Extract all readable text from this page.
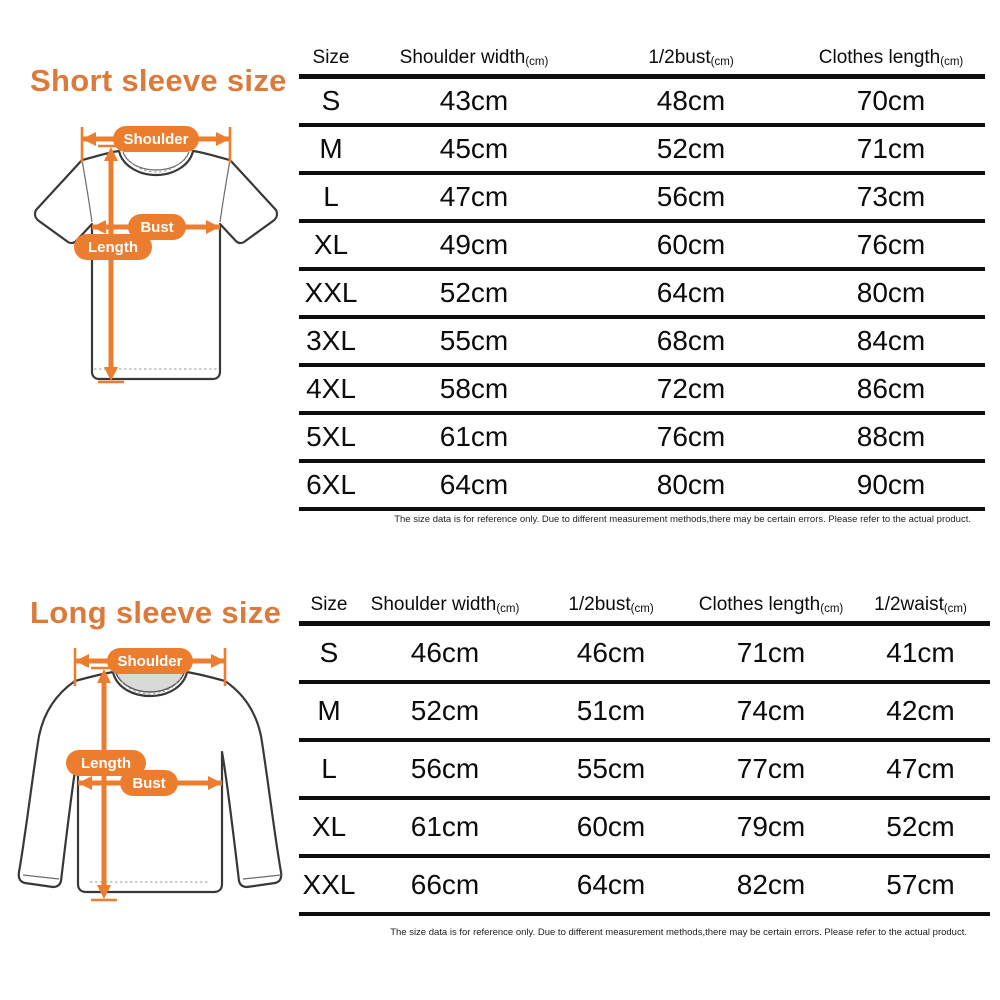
Short sleeve size
Shoulder
Bust
Length
Size	Shoulder width(cm)	1/2bust(cm)	Clothes length(cm)
S	43cm	48cm	70cm
M	45cm	52cm	71cm
L	47cm	56cm	73cm
XL	49cm	60cm	76cm
XXL	52cm	64cm	80cm
3XL	55cm	68cm	84cm
4XL	58cm	72cm	86cm
5XL	61cm	76cm	88cm
6XL	64cm	80cm	90cm

The size data is for reference only. Due to different measurement methods,there may be certain errors. Please refer to the actual product.

Long sleeve size
Shoulder
Length
Bust
Size	Shoulder width(cm)	1/2bust(cm)	Clothes length(cm)	1/2waist(cm)
S	46cm	46cm	71cm	41cm
M	52cm	51cm	74cm	42cm
L	56cm	55cm	77cm	47cm
XL	61cm	60cm	79cm	52cm
XXL	66cm	64cm	82cm	57cm

The size data is for reference only. Due to different measurement methods,there may be certain errors. Please refer to the actual product.
